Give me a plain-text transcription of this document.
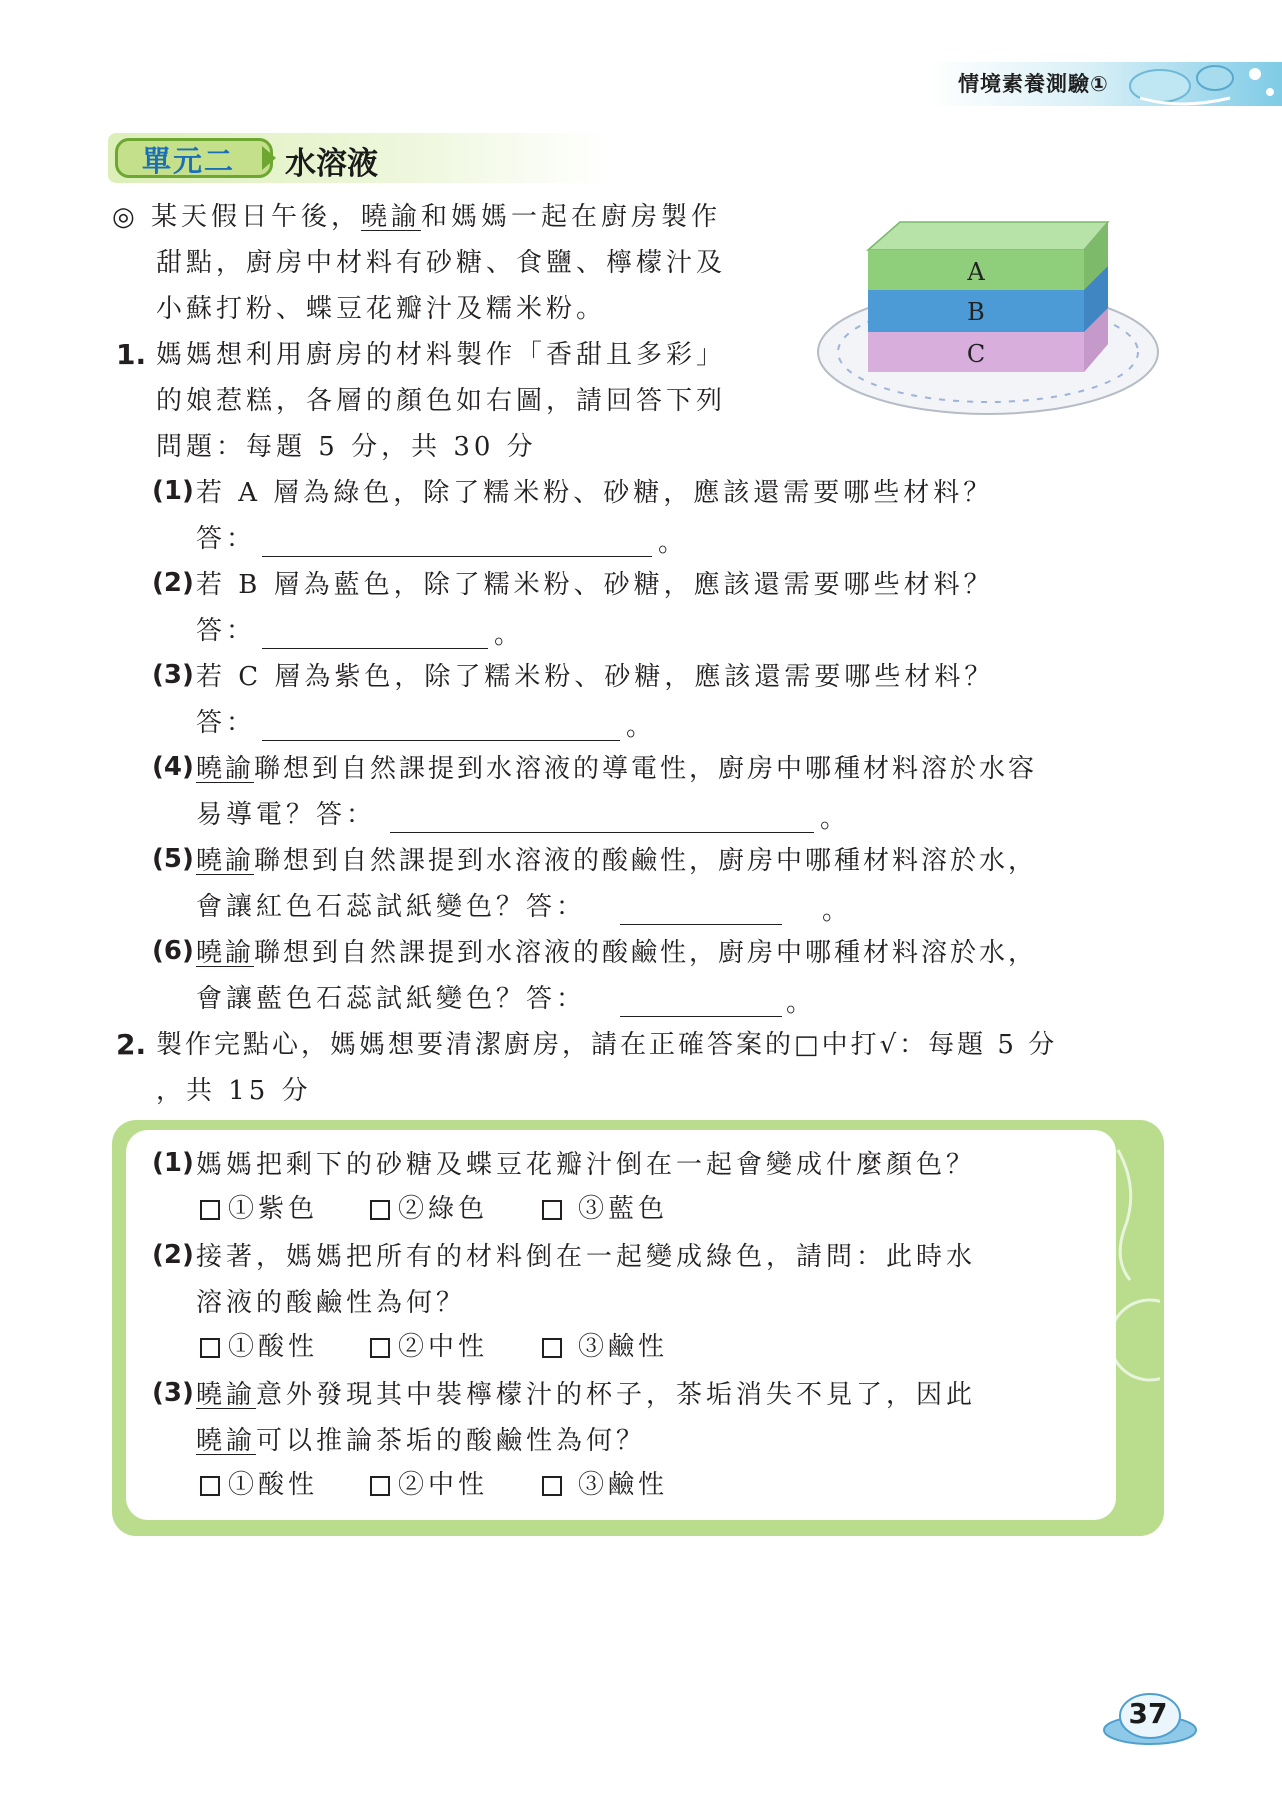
情境素養測驗①
單元二 水溶液
◎ 某天假日午後，曉諭和媽媽一起在廚房製作
甜點，廚房中材料有砂糖、食鹽、檸檬汁及
小蘇打粉、蝶豆花瓣汁及糯米粉。
A
B
C
1. 媽媽想利用廚房的材料製作「香甜且多彩」
的娘惹糕，各層的顏色如右圖，請回答下列
問題：每題 5 分，共 30 分
(1) 若 A 層為綠色，除了糯米粉、砂糖，應該還需要哪些材料？
答：	。
(2) 若 B 層為藍色，除了糯米粉、砂糖，應該還需要哪些材料？
答：	。
(3) 若 C 層為紫色，除了糯米粉、砂糖，應該還需要哪些材料？
答：	。
(4) 曉諭聯想到自然課提到水溶液的導電性，廚房中哪種材料溶於水容
易導電？答：	。
(5) 曉諭聯想到自然課提到水溶液的酸鹼性，廚房中哪種材料溶於水，
會讓紅色石蕊試紙變色？答：	。
(6) 曉諭聯想到自然課提到水溶液的酸鹼性，廚房中哪種材料溶於水，
會讓藍色石蕊試紙變色？答：	。
2. 製作完點心，媽媽想要清潔廚房，請在正確答案的□中打√：每題 5 分
，共 15 分
(1) 媽媽把剩下的砂糖及蝶豆花瓣汁倒在一起會變成什麼顏色？
①紫色	②綠色	③藍色
(2) 接著，媽媽把所有的材料倒在一起變成綠色，請問：此時水
溶液的酸鹼性為何？
①酸性	②中性	③鹼性
(3) 曉諭意外發現其中裝檸檬汁的杯子，茶垢消失不見了，因此
曉諭可以推論茶垢的酸鹼性為何？
①酸性	②中性	③鹼性
37
